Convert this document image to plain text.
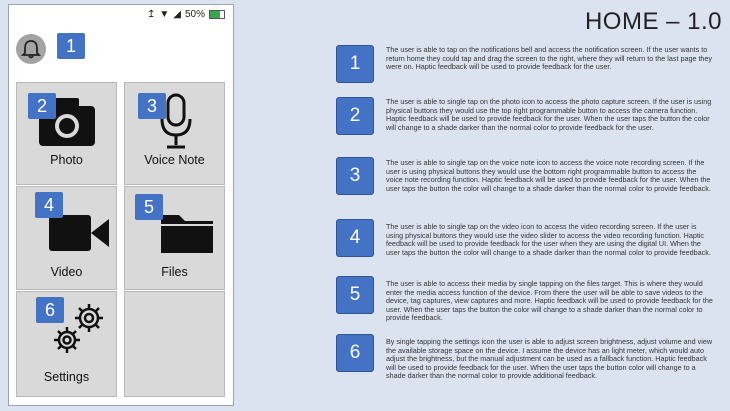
↥ ▼ ◢ 50%
1
2
Photo
3
Voice Note
4
Video
5
Files
6
Settings
HOME – 1.0
1
The user is able to tap on the notifications bell and access the notification screen. If the user wants to return home they could tap and drag the screen to the right, where they will return to the last page they were on. Haptic feedback will be used to provide feedback for the user.
2
The user is able to single tap on the photo icon to access the photo capture screen. If the user is using physical buttons they would use the top right programmable button to access the camera function. Haptic feedback will be used to provide feedback for the user. When the user taps the button the color will change to a shade darker than the normal color to provide feedback for the user.
3
The user is able to single tap on the voice note icon to access the voice note recording screen. If the user is using physical buttons they would use the bottom right programmable button to access the voice note recording function. Haptic feedback will be used to provide feedback for the user. When the user taps the button the color will change to a shade darker than the normal color to provide feedback.
4
The user is able to single tap on the video icon to access the video recording screen. If the user is using physical buttons they would use the video slider to access the video recording function. Haptic feedback will be used to provide feedback for the user when they are using the digital UI. When the user taps the button the color will change to a shade darker than the normal color to provide feedback.
5
The user is able to access their media by single tapping on the files target. This is where they would enter the media access function of the device. From there the user will be able to save videos to the device, tag captures, view captures and more. Haptic feedback will be used to provide feedback for the user. When the user taps the button the color will change to a shade darker than the normal color to provide feedback.
6
By single tapping the settings icon the user is able to adjust screen brightness, adjust volume and view the available storage space on the device. I assume the device has an light meter, which would auto adjust the brightness, but the manual adjustment can be used as a fallback function. Haptic feedback will be used to provide feedback for the user. When the user taps the button color will change to a shade darker than the normal color to provide additional feedback.
